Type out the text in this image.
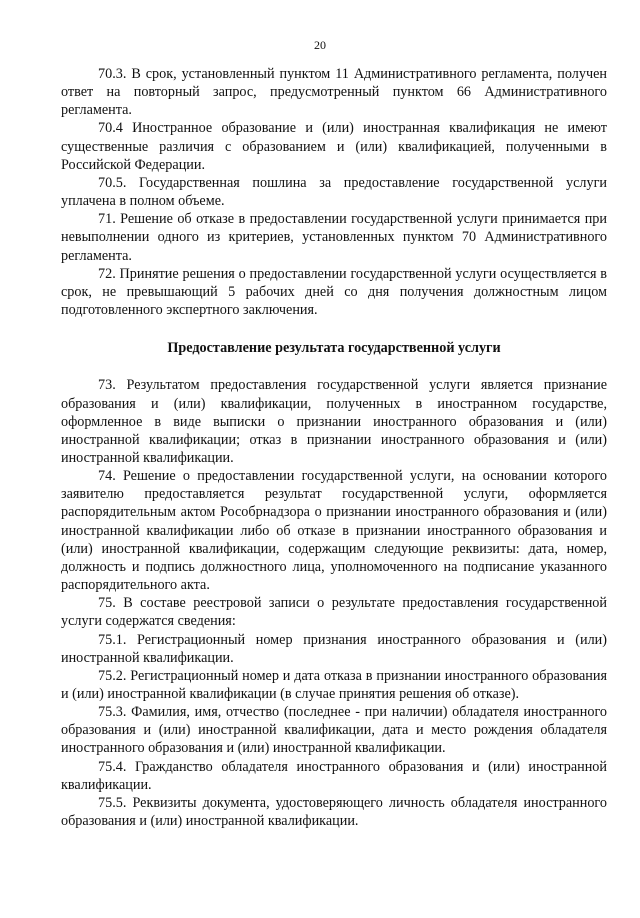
20

70.3. В срок, установленный пунктом 11 Административного регламента, получен ответ на повторный запрос, предусмотренный пунктом 66 Административного регламента.

70.4 Иностранное образование и (или) иностранная квалификация не имеют существенные различия с образованием и (или) квалификацией, полученными в Российской Федерации.

70.5. Государственная пошлина за предоставление государственной услуги уплачена в полном объеме.

71. Решение об отказе в предоставлении государственной услуги принимается при невыполнении одного из критериев, установленных пунктом 70 Административного регламента.

72. Принятие решения о предоставлении государственной услуги осуществляется в срок, не превышающий 5 рабочих дней со дня получения должностным лицом подготовленного экспертного заключения.

Предоставление результата государственной услуги

73. Результатом предоставления государственной услуги является признание образования и (или) квалификации, полученных в иностранном государстве, оформленное в виде выписки о признании иностранного образования и (или) иностранной квалификации; отказ в признании иностранного образования и (или) иностранной квалификации.

74. Решение о предоставлении государственной услуги, на основании которого заявителю предоставляется результат государственной услуги, оформляется распорядительным актом Рособрнадзора о признании иностранного образования и (или) иностранной квалификации либо об отказе в признании иностранного образования и (или) иностранной квалификации, содержащим следующие реквизиты: дата, номер, должность и подпись должностного лица, уполномоченного на подписание указанного распорядительного акта.

75. В составе реестровой записи о результате предоставления государственной услуги содержатся сведения:

75.1. Регистрационный номер признания иностранного образования и (или) иностранной квалификации.

75.2. Регистрационный номер и дата отказа в признании иностранного образования и (или) иностранной квалификации (в случае принятия решения об отказе).

75.3. Фамилия, имя, отчество (последнее - при наличии) обладателя иностранного образования и (или) иностранной квалификации, дата и место рождения обладателя иностранного образования и (или) иностранной квалификации.

75.4. Гражданство обладателя иностранного образования и (или) иностранной квалификации.

75.5. Реквизиты документа, удостоверяющего личность обладателя иностранного образования и (или) иностранной квалификации.
